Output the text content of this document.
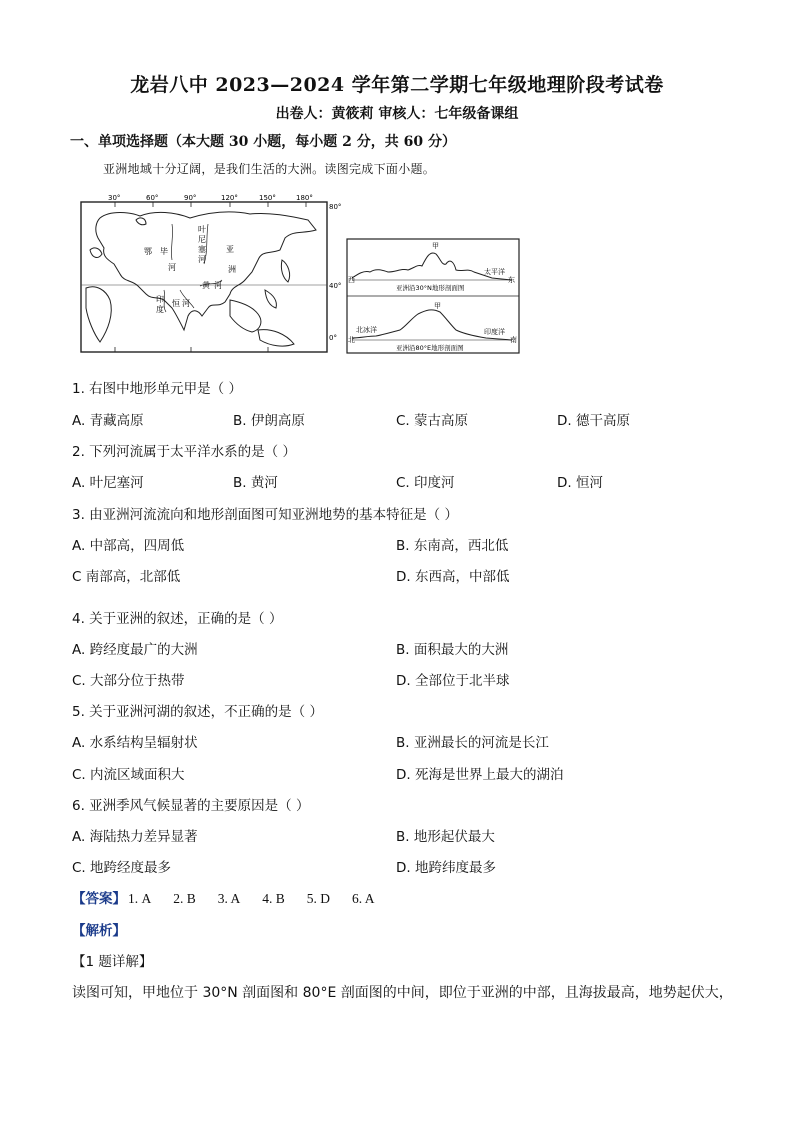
龙岩八中 2023—2024 学年第二学期七年级地理阶段考试卷
出卷人：黄筱莉 审核人：七年级备课组
一、单项选择题（本大题 30 小题，每小题 2 分，共 60 分）
亚洲地域十分辽阔，是我们生活的大洲。读图完成下面小题。
30°	60°	90°	120°	150°	180°
80°
40°
0°
叶
尼
塞
河
黄 河
亚
印
度
恒 河
洲
鄂 毕
河
甲
西	东
太平洋
亚洲沿30°N地形剖面图
甲
北	南
北冰洋	印度洋
亚洲沿80°E地形剖面图
1. 右图中地形单元甲是（ ）
A. 青藏高原	B. 伊朗高原	C. 蒙古高原	D. 德干高原
2. 下列河流属于太平洋水系的是（ ）
A. 叶尼塞河	B. 黄河	C. 印度河	D. 恒河
3. 由亚洲河流流向和地形剖面图可知亚洲地势的基本特征是（ ）
A. 中部高，四周低	B. 东南高，西北低
C 南部高，北部低	D. 东西高，中部低
4. 关于亚洲的叙述，正确的是（ ）
A. 跨经度最广的大洲	B. 面积最大的大洲
C. 大部分位于热带	D. 全部位于北半球
5. 关于亚洲河湖的叙述，不正确的是（ ）
A. 水系结构呈辐射状	B. 亚洲最长的河流是长江
C. 内流区域面积大	D. 死海是世界上最大的湖泊
6. 亚洲季风气候显著的主要原因是（ ）
A. 海陆热力差异显著	B. 地形起伏最大
C. 地跨经度最多	D. 地跨纬度最多
【答案】 1. A 2. B 3. A 4. B 5. D 6. A
【解析】
【1 题详解】
读图可知，甲地位于 30°N 剖面图和 80°E 剖面图的中间，即位于亚洲的中部，且海拔最高，地势起伏大，
